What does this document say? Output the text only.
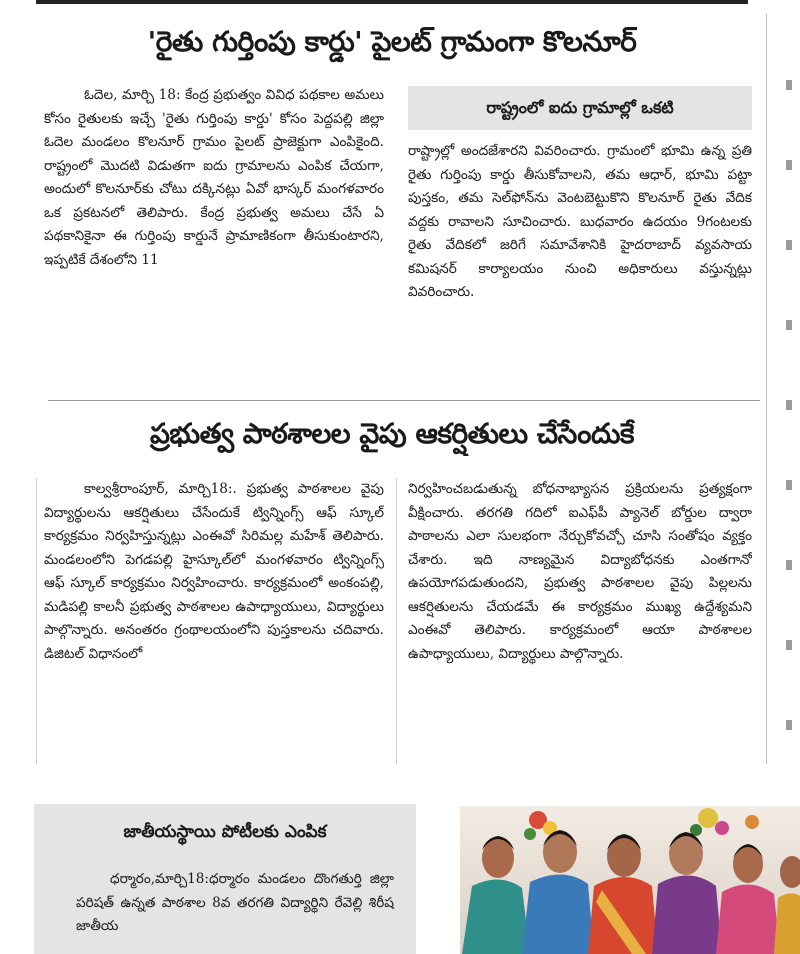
'రైతు గుర్తింపు కార్డు' పైలట్ గ్రామంగా కొలనూర్

ఓదెల, మార్చి 18: కేంద్ర ప్రభుత్వం వివిధ పథకాల అమలు కోసం రైతులకు ఇచ్చే 'రైతు గుర్తింపు కార్డు' కోసం పెద్దపల్లి జిల్లా ఓదెల మండలం కొలనూర్ గ్రామం పైలట్ ప్రాజెక్టుగా ఎంపికైంది. రాష్ట్రంలో మొదటి విడుతగా ఐదు గ్రామాలను ఎంపిక చేయగా, అందులో కొలనూర్‌కు చోటు దక్కినట్లు ఏవో భాస్కర్ మంగళవారం ఒక ప్రకటనలో తెలిపారు. కేంద్ర ప్రభుత్వ అమలు చేసే ఏ పథకానికైనా ఈ గుర్తింపు కార్డునే ప్రామాణికంగా తీసుకుంటారని, ఇప్పటికే దేశంలోని 11

రాష్ట్రంలో ఐదు గ్రామాల్లో ఒకటి

రాష్ట్రాల్లో అందజేశారని వివరించారు. గ్రామంలో భూమి ఉన్న ప్రతి రైతు గుర్తింపు కార్డు తీసుకోవాలని, తమ ఆధార్, భూమి పట్టా పుస్తకం, తమ సెల్‌ఫోన్‌ను వెంటబెట్టుకొని కొలనూర్ రైతు వేదిక వద్దకు రావాలని సూచించారు. బుధవారం ఉదయం 9గంటలకు రైతు వేదికలో జరిగే సమావేశానికి హైదరాబాద్ వ్యవసాయ కమిషనర్ కార్యాలయం నుంచి అధికారులు వస్తున్నట్లు వివరించారు.

ప్రభుత్వ పాఠశాలల వైపు ఆకర్షితులు చేసేందుకే

కాల్వశ్రీరాంపూర్, మార్చి18:. ప్రభుత్వ పాఠశాలల వైపు విద్యార్థులను ఆకర్షితులు చేసేందుకే ట్విన్నింగ్స్ ఆఫ్ స్కూల్ కార్యక్రమం నిర్వహిస్తున్నట్లు ఎంఈవో సిరిమల్ల మహేశ్ తెలిపారు. మండలంలోని పెగడపల్లి హైస్కూల్‌లో మంగళవారం ట్విన్నింగ్స్ ఆఫ్ స్కూల్ కార్యక్రమం నిర్వహించారు. కార్యక్రమంలో అంకంపల్లి, మడిపల్లి కాలనీ ప్రభుత్వ పాఠశాలల ఉపాధ్యాయులు, విద్యార్థులు పాల్గొన్నారు. అనంతరం గ్రంథాలయంలోని పుస్తకాలను చదివారు. డిజిటల్ విధానంలో

నిర్వహించబడుతున్న బోధనాభ్యాసన ప్రక్రియలను ప్రత్యక్షంగా వీక్షించారు. తరగతి గదిలో ఐఎఫ్‌పీ ప్యానెల్ బోర్డుల ద్వారా పాఠాలను ఎలా సులభంగా నేర్చుకోవచ్చో చూసి సంతోషం వ్యక్తం చేశారు. ఇది నాణ్యమైన విద్యాబోధనకు ఎంతగానో ఉపయోగపడుతుందని, ప్రభుత్వ పాఠశాలల వైపు పిల్లలను ఆకర్షితులను చేయడమే ఈ కార్యక్రమం ముఖ్య ఉద్దేశ్యమని ఎంఈవో తెలిపారు. కార్యక్రమంలో ఆయా పాఠశాలల ఉపాధ్యాయులు, విద్యార్థులు పాల్గొన్నారు.

జాతీయస్థాయి పోటీలకు ఎంపిక

ధర్మారం,మార్చి18:ధర్మారం మండలం దొంగతుర్తి జిల్లా పరిషత్ ఉన్నత పాఠశాల 8వ తరగతి విద్యార్థిని రేవెల్లి శిరీష జాతీయ
